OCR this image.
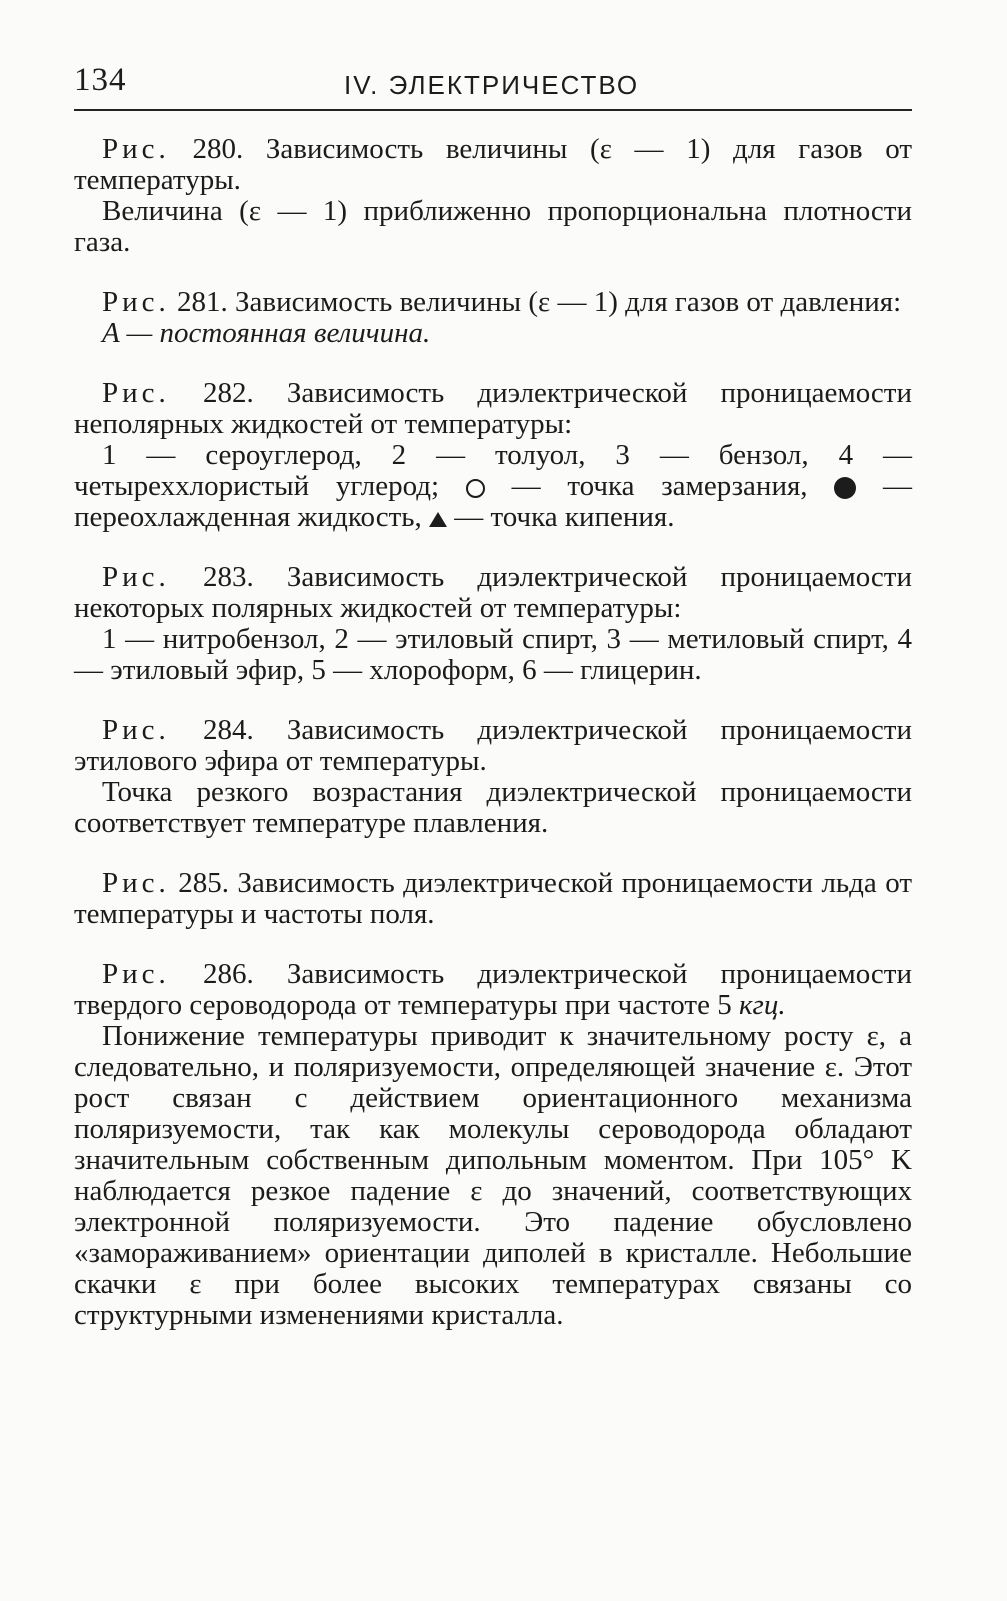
134	IV. ЭЛЕКТРИЧЕСТВО

Рис. 280. Зависимость величины (ε — 1) для газов от температуры.

Величина (ε — 1) приближенно пропорциональна плотности газа.

Рис. 281. Зависимость величины (ε — 1) для газов от давления:

A — постоянная величина.

Рис. 282. Зависимость диэлектрической проницаемости неполярных жидкостей от температуры:

1 — сероуглерод, 2 — толуол, 3 — бензол, 4 — четыреххлористый углерод; — точка замерзания,	— переохлажденная жидкость, — точка кипения.

Рис. 283. Зависимость диэлектрической проницаемости некоторых полярных жидкостей от температуры:

1 — нитробензол, 2 — этиловый спирт, 3 — метиловый спирт, 4 — этиловый эфир, 5 — хлороформ, 6 — глицерин.

Рис. 284. Зависимость диэлектрической проницаемости этилового эфира от температуры.

Точка резкого возрастания диэлектрической проницаемости соответствует температуре плавления.

Рис. 285. Зависимость диэлектрической проницаемости льда от температуры и частоты поля.

Рис. 286. Зависимость диэлектрической проницаемости твердого сероводорода от температуры при частоте 5 кгц.

Понижение температуры приводит к значительному росту ε, а следовательно, и поляризуемости, определяющей значение ε. Этот рост связан с действием ориентационного механизма поляризуемости, так как молекулы сероводорода обладают значительным собственным дипольным моментом. При 105° K наблюдается резкое падение ε до значений, соответствующих электронной поляризуемости. Это падение обусловлено «замораживанием» ориентации диполей в кристалле. Небольшие скачки ε при более высоких температурах связаны со структурными изменениями кристалла.
